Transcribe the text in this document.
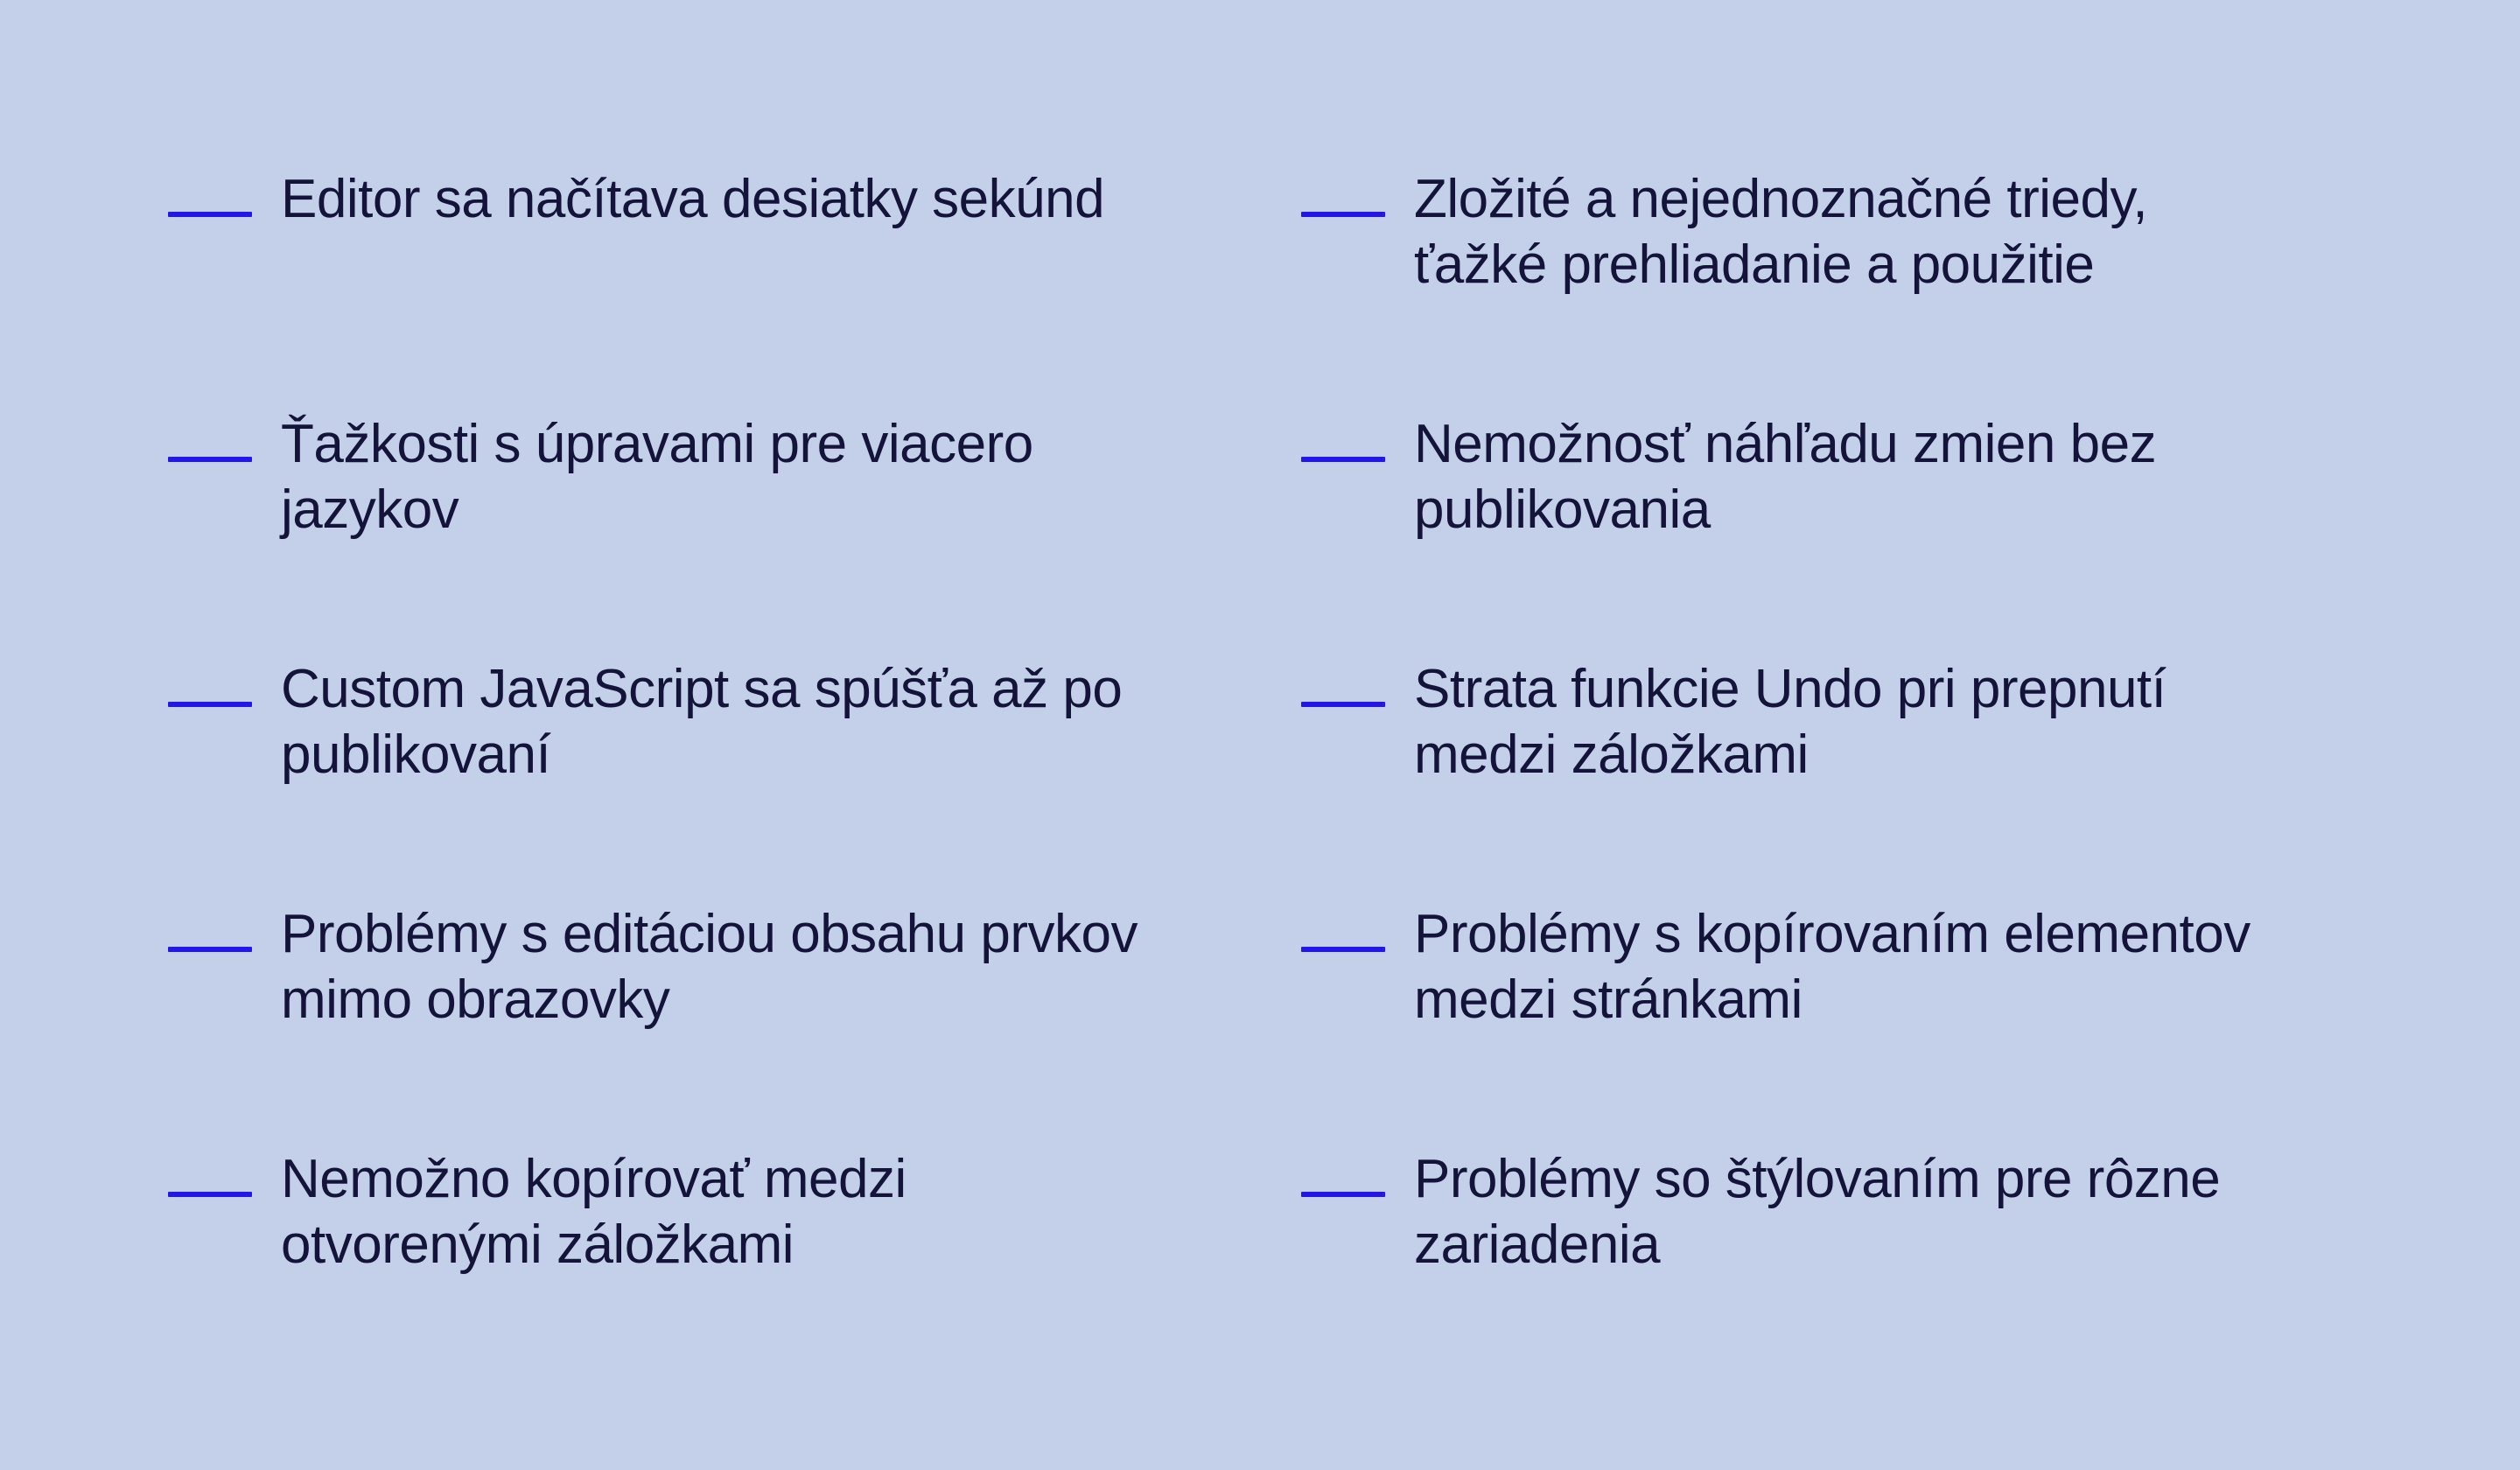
Editor sa načítava desiatky sekúnd	Zložité a nejednoznačné triedy,
ťažké prehliadanie a použitie
Ťažkosti s úpravami pre viacero
jazykov
Nemožnosť náhľadu zmien bez
publikovania
Custom JavaScript sa spúšťa až po
publikovaní
Strata funkcie Undo pri prepnutí
medzi záložkami
Problémy s editáciou obsahu prvkov
mimo obrazovky
Problémy s kopírovaním elementov
medzi stránkami
Nemožno kopírovať medzi
otvorenými záložkami
Problémy so štýlovaním pre rôzne
zariadenia
